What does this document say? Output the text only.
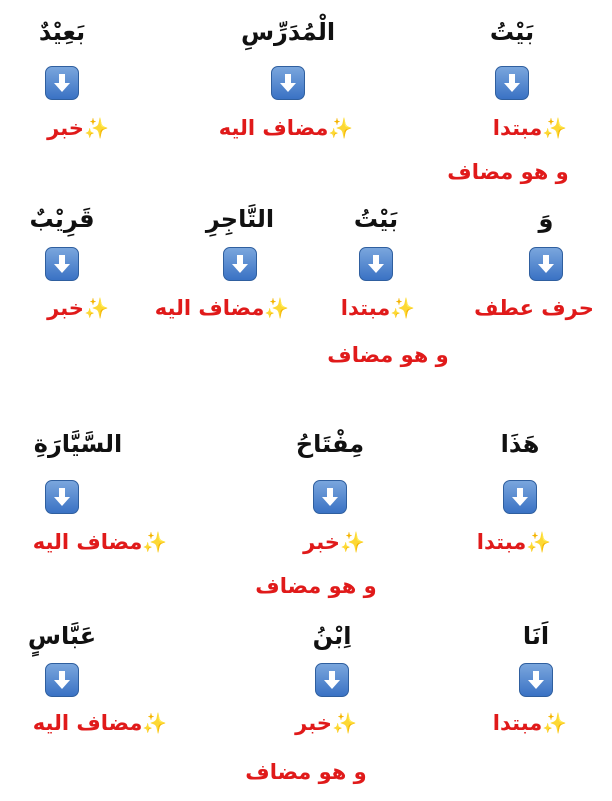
بَيْتُ
الْمُدَرِّسِ
بَعِيْدٌ
✨مبتدا
✨مضاف اليه
✨خبر
و هو مضاف
وَ
بَيْتُ
التَّاجِرِ
قَرِيْبٌ
حرف عطف
✨مبتدا
✨مضاف اليه
✨خبر
و هو مضاف
هَذَا
مِفْتَاحُ
السَّيَّارَةِ
✨مبتدا
✨خبر
✨مضاف اليه
و هو مضاف
اَنَا
اِبْنُ
عَبَّاسٍ
✨مبتدا
✨خبر
✨مضاف اليه
و هو مضاف
